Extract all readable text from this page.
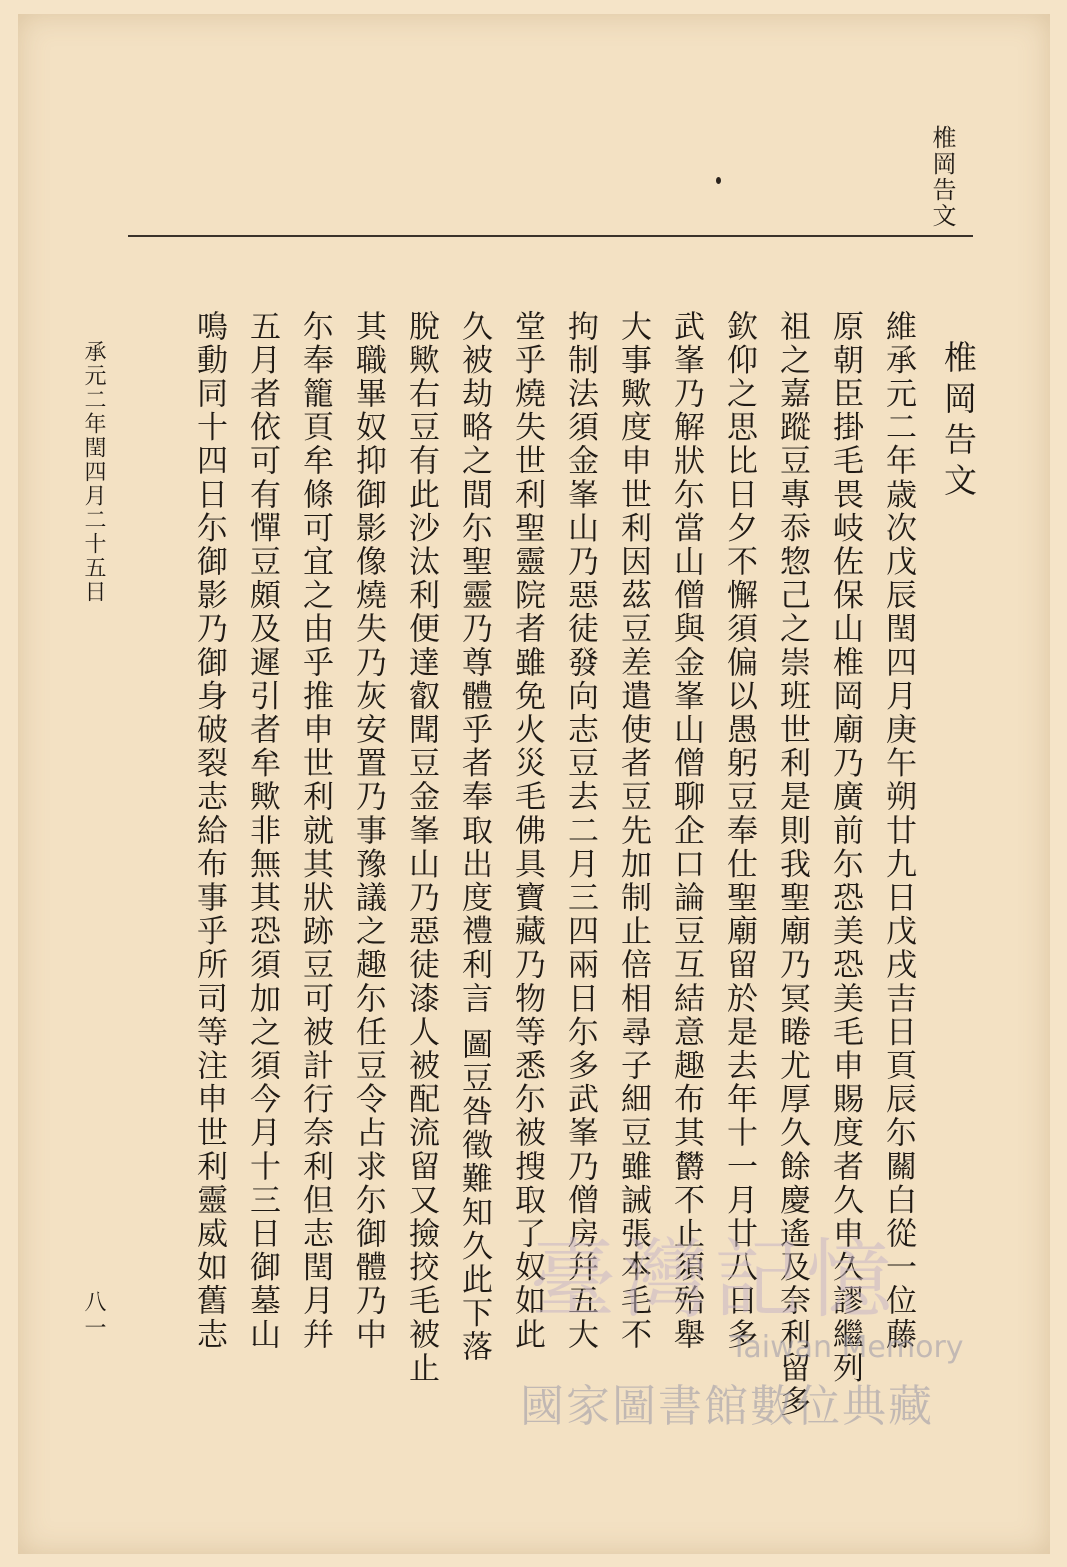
椎岡告文
椎岡告文
維承元二年歳次戊辰閏四月庚午朔廿九日戊戌吉日頁辰尓關白從一位藤
原朝臣掛毛畏岐佐保山椎岡廟乃廣前尓恐美恐美毛申賜度者久申久謬繼列
祖之嘉蹤豆專忝惣己之崇班世利是則我聖廟乃冥睠尤厚久餘慶遙及奈利留多
欽仰之思比日夕不懈須偏以愚躬豆奉仕聖廟留於是去年十一月廿八日多
武峯乃解狀尓當山僧與金峯山僧聊企口論豆互結意趣布其欝不止須殆舉
大事歟度申世利因茲豆差遣使者豆先加制止倍相尋子細豆雖誡張本毛不
拘制法須金峯山乃惡徒發向志豆去二月三四兩日尓多武峯乃僧房幷五大
堂乎燒失世利聖靈院者雖免火災毛佛具寶藏乃物等悉尓被搜取了奴如此
久被劫略之間尓聖靈乃尊體乎者奉取出度禮利言 圖豆咎徵難知久此下落
脫歟右豆有此沙汰利便達叡聞豆金峯山乃惡徒漆人被配流留又撿挍毛被止
其職畢奴抑御影像燒失乃灰安置乃事豫議之趣尓任豆令占求尓御體乃中
尓奉籠頁牟條可宜之由乎推申世利就其狀跡豆可被計行奈利但志閏月幷
五月者依可有憚豆頗及遲引者牟歟非無其恐須加之須今月十三日御墓山
鳴動同十四日尓御影乃御身破裂志給布事乎所司等注申世利靈威如舊志
承元二年閏四月二十五日
八一	臺灣記憶
Taiwan Memory
國家圖書館數位典藏
